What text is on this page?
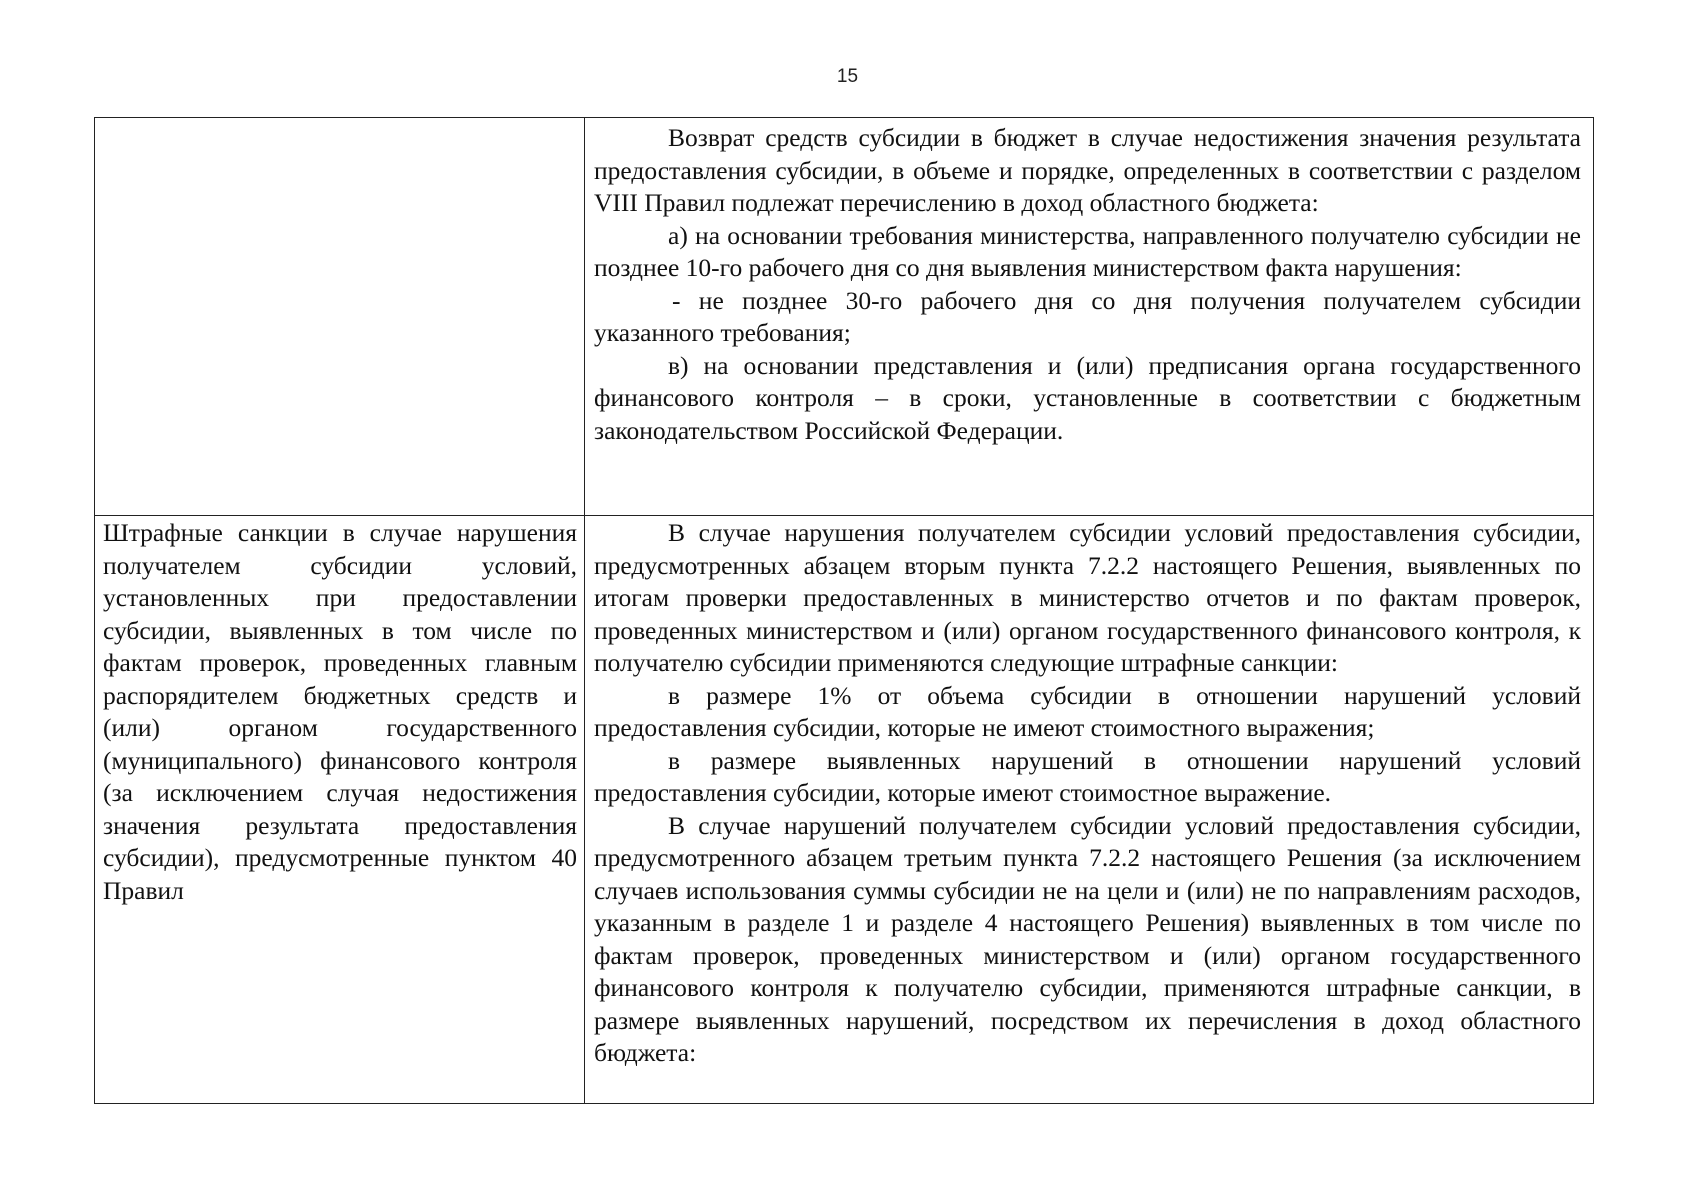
15

Возврат средств субсидии в бюджет в случае недостижения значения результата предоставления субсидии, в объеме и порядке, определенных в соответствии с разделом VIII Правил подлежат перечислению в доход областного бюджета:

а) на основании требования министерства, направленного получателю субсидии не позднее 10-го рабочего дня со дня выявления министерством факта нарушения:

- не позднее 30-го рабочего дня со дня получения получателем субсидии указанного требования;

в) на основании представления и (или) предписания органа государственного финансового контроля – в сроки, установленные в соответствии с бюджетным законодательством Российской Федерации.

Штрафные санкции в случае нарушения получателем субсидии условий, установленных при предоставлении субсидии, выявленных в том числе по фактам проверок, проведенных главным распорядителем бюджетных средств и (или) органом государственного (муниципального) финансового контроля (за исключением случая недостижения значения результата предоставления субсидии), предусмотренные пунктом 40 Правил

В случае нарушения получателем субсидии условий предоставления субсидии, предусмотренных абзацем вторым пункта 7.2.2 настоящего Решения, выявленных по итогам проверки предоставленных в министерство отчетов и по фактам проверок, проведенных министерством и (или) органом государственного финансового контроля, к получателю субсидии применяются следующие штрафные санкции:

в размере 1% от объема субсидии в отношении нарушений условий предоставления субсидии, которые не имеют стоимостного выражения;

в размере выявленных нарушений в отношении нарушений условий предоставления субсидии, которые имеют стоимостное выражение.

В случае нарушений получателем субсидии условий предоставления субсидии, предусмотренного абзацем третьим пункта 7.2.2 настоящего Решения (за исключением случаев использования суммы субсидии не на цели и (или) не по направлениям расходов, указанным в разделе 1 и разделе 4 настоящего Решения) выявленных в том числе по фактам проверок, проведенных министерством и (или) органом государственного финансового контроля к получателю субсидии, применяются штрафные санкции, в размере выявленных нарушений, посредством их перечисления в доход областного бюджета:
